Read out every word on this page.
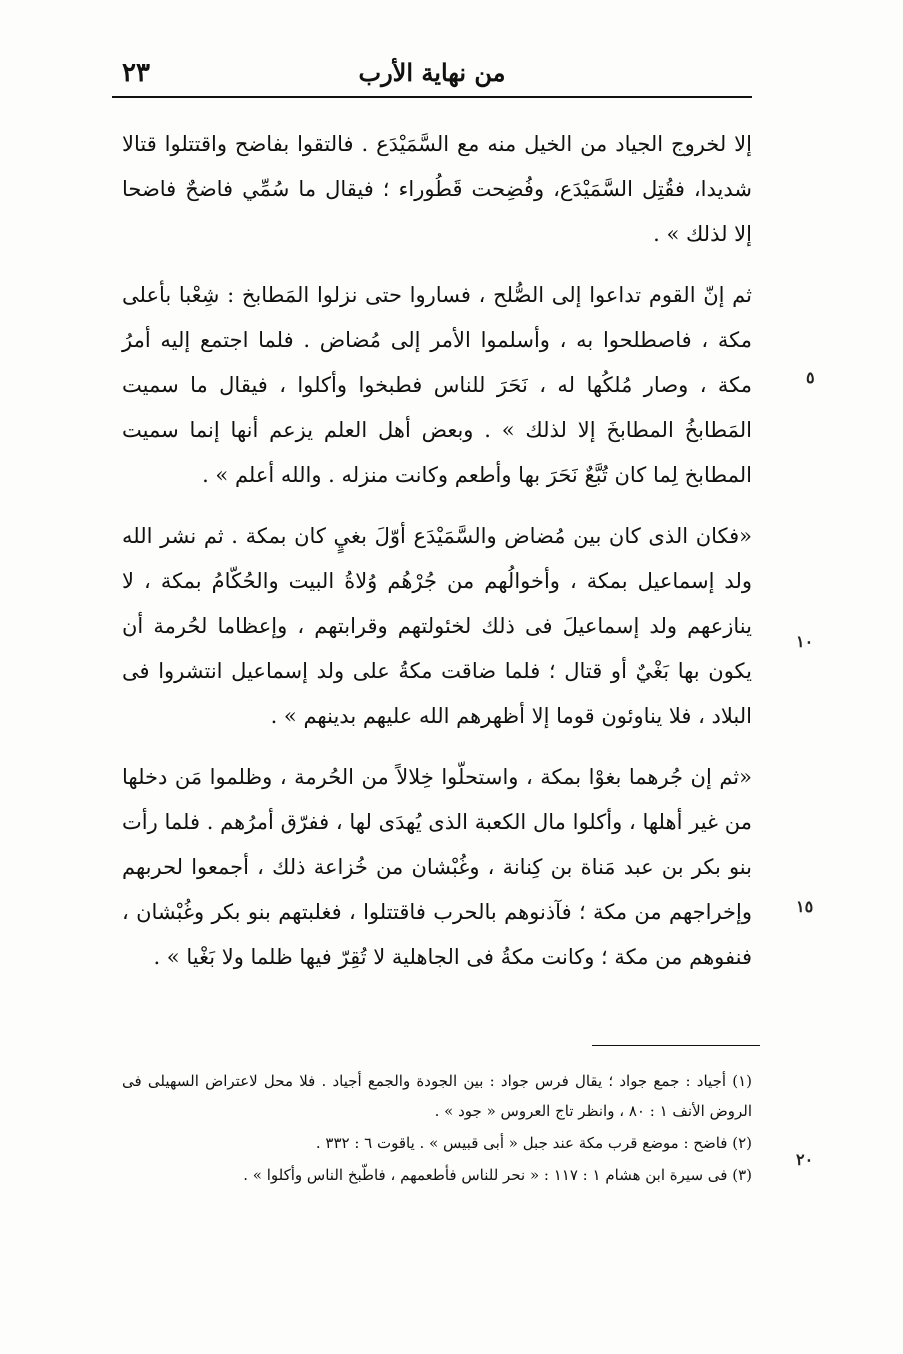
٢٣	من نهاية الأرب
٥
١٠
١٥
٢٠

إلا لخروج الجياد من الخيل منه مع السَّمَيْدَع . فالتقوا بفاضح واقتتلوا قتالا شديدا، فقُتِل السَّمَيْدَع، وفُضِحت قَطُوراء ؛ فيقال ما سُمِّي فاضحٌ فاضحا إلا لذلك » .

ثم إنّ القوم تداعوا إلى الصُّلح ، فساروا حتى نزلوا المَطابخ : شِعْبا بأعلى مكة ، فاصطلحوا به ، وأسلموا الأمر إلى مُضاض . فلما اجتمع إليه أمرُ مكة ، وصار مُلكُها له ، نَحَرَ للناس فطبخوا وأكلوا ، فيقال ما سميت المَطابخُ المطابخَ إلا لذلك » . وبعض أهل العلم يزعم أنها إنما سميت المطابخ لِما كان تُبَّعٌ نَحَرَ بها وأطعم وكانت منزله . والله أعلم » .

«فكان الذى كان بين مُضاض والسَّمَيْدَع أوّلَ بغيٍ كان بمكة . ثم نشر الله ولد إسماعيل بمكة ، وأخوالُهم من جُرْهُم وُلاةُ البيت والحُكّامُ بمكة ، لا ينازعهم ولد إسماعيلَ فى ذلك لخئولتهم وقرابتهم ، وإعظاما لحُرمة أن يكون بها بَغْيٌ أو قتال ؛ فلما ضاقت مكةُ على ولد إسماعيل انتشروا فى البلاد ، فلا يناوئون قوما إلا أظهرهم الله عليهم بدينهم » .

«ثم إن جُرهما بغوْا بمكة ، واستحلّوا خِلالاً من الحُرمة ، وظلموا مَن دخلها من غير أهلها ، وأكلوا مال الكعبة الذى يُهدَى لها ، ففرّق أمرُهم . فلما رأت بنو بكر بن عبد مَناة بن كِنانة ، وغُبْشان من خُزاعة ذلك ، أجمعوا لحربهم وإخراجهم من مكة ؛ فآذنوهم بالحرب فاقتتلوا ، فغلبتهم بنو بكر وغُبْشان ، فنفوهم من مكة ؛ وكانت مكةُ فى الجاهلية لا تُقِرّ فيها ظلما ولا بَغْيا » .

(١) أجياد : جمع جواد ؛ يقال فرس جواد : بين الجودة والجمع أجياد . فلا محل لاعتراض السهيلى فى الروض الأنف ١ : ٨٠ ، وانظر تاج العروس « جود » .

(٢) فاضح : موضع قرب مكة عند جبل « أبى قبيس » . ياقوت ٦ : ٣٣٢ .

(٣) فى سيرة ابن هشام ١ : ١١٧ : « نحر للناس فأطعمهم ، فاطّبخ الناس وأكلوا » .
